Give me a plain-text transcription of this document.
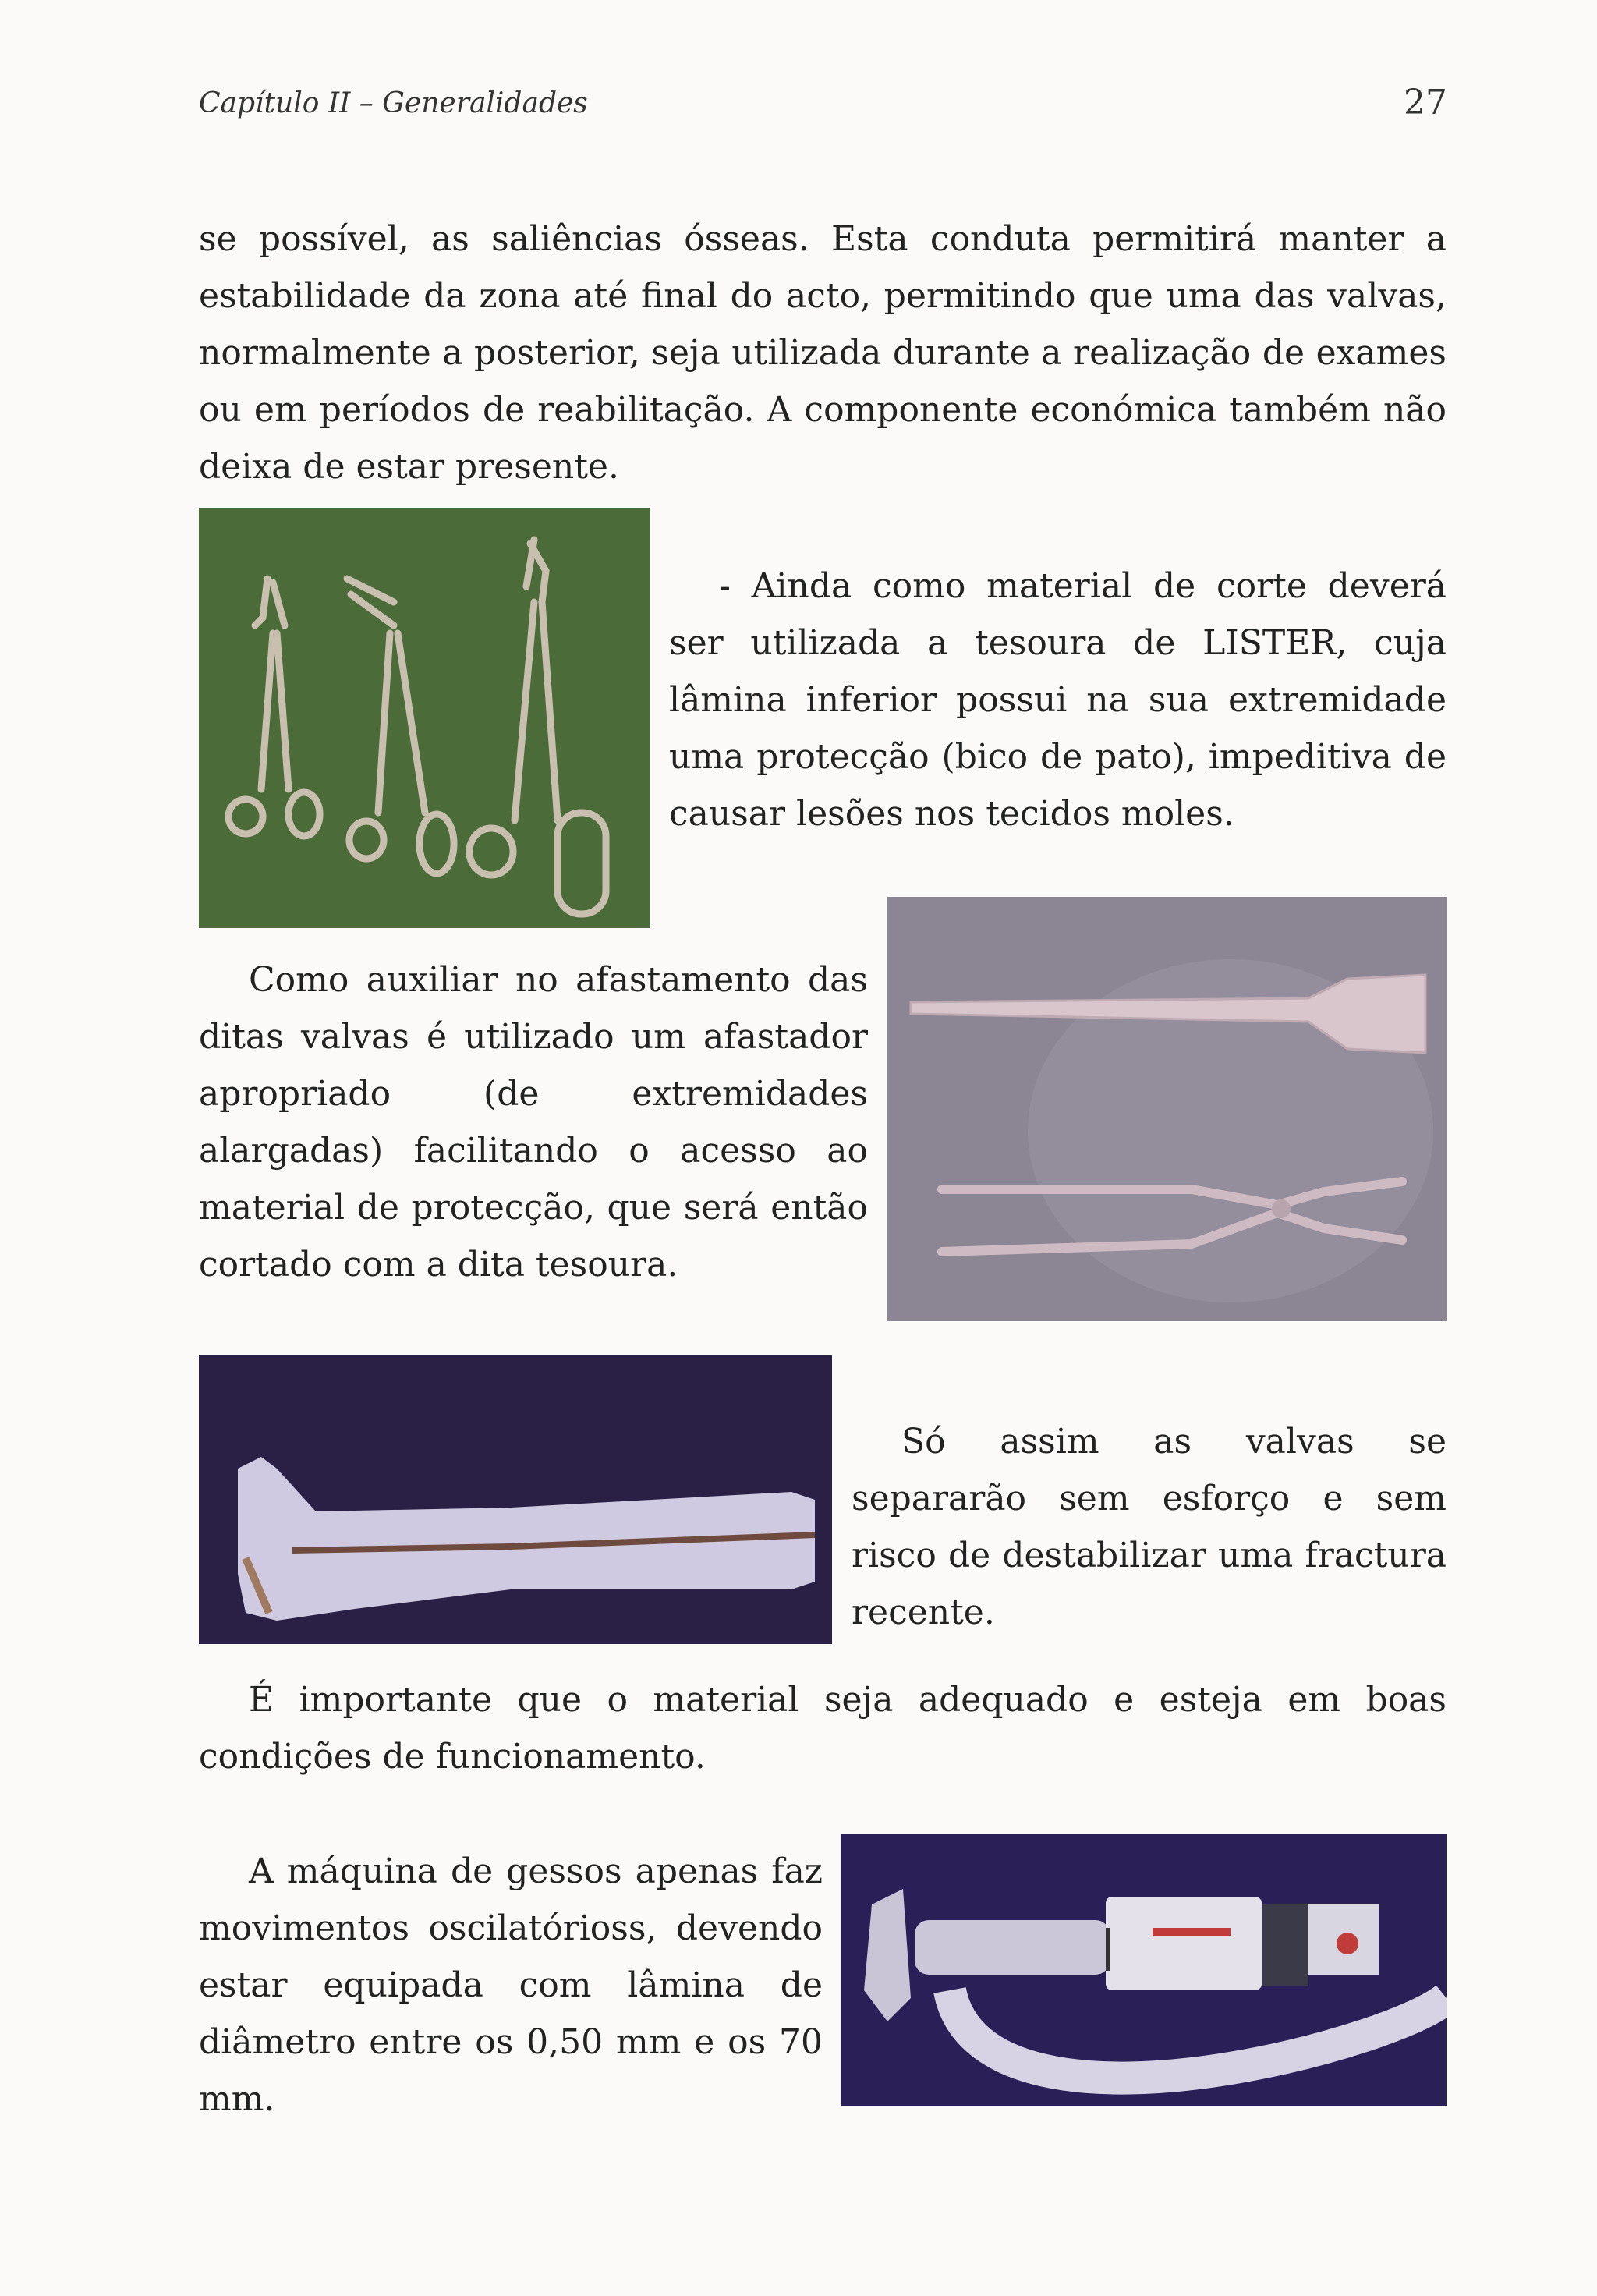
Capítulo II – Generalidades	27

se possível, as saliências ósseas. Esta conduta permitirá manter a estabilidade da zona até final do acto, permitindo que uma das valvas, normalmente a posterior, seja utilizada durante a realização de exames ou em períodos de reabilitação. A componente económica também não deixa de estar presente.

- Ainda como material de corte deverá ser utilizada a tesoura de LISTER, cuja lâmina inferior possui na sua extremidade uma protecção (bico de pato), impeditiva de causar lesões nos tecidos moles.

Como auxiliar no afastamento das ditas valvas é utilizado um afastador apropriado (de extremidades alargadas) facilitando o acesso ao material de protecção, que será então cortado com a dita tesoura.

Só assim as valvas se separarão sem esforço e sem risco de destabilizar uma fractura recente.

É importante que o material seja adequado e esteja em boas condições de funcionamento.

A máquina de gessos apenas faz movimentos oscilatórioss, devendo estar equipada com lâmina de diâmetro entre os 0,50 mm e os 70 mm.
